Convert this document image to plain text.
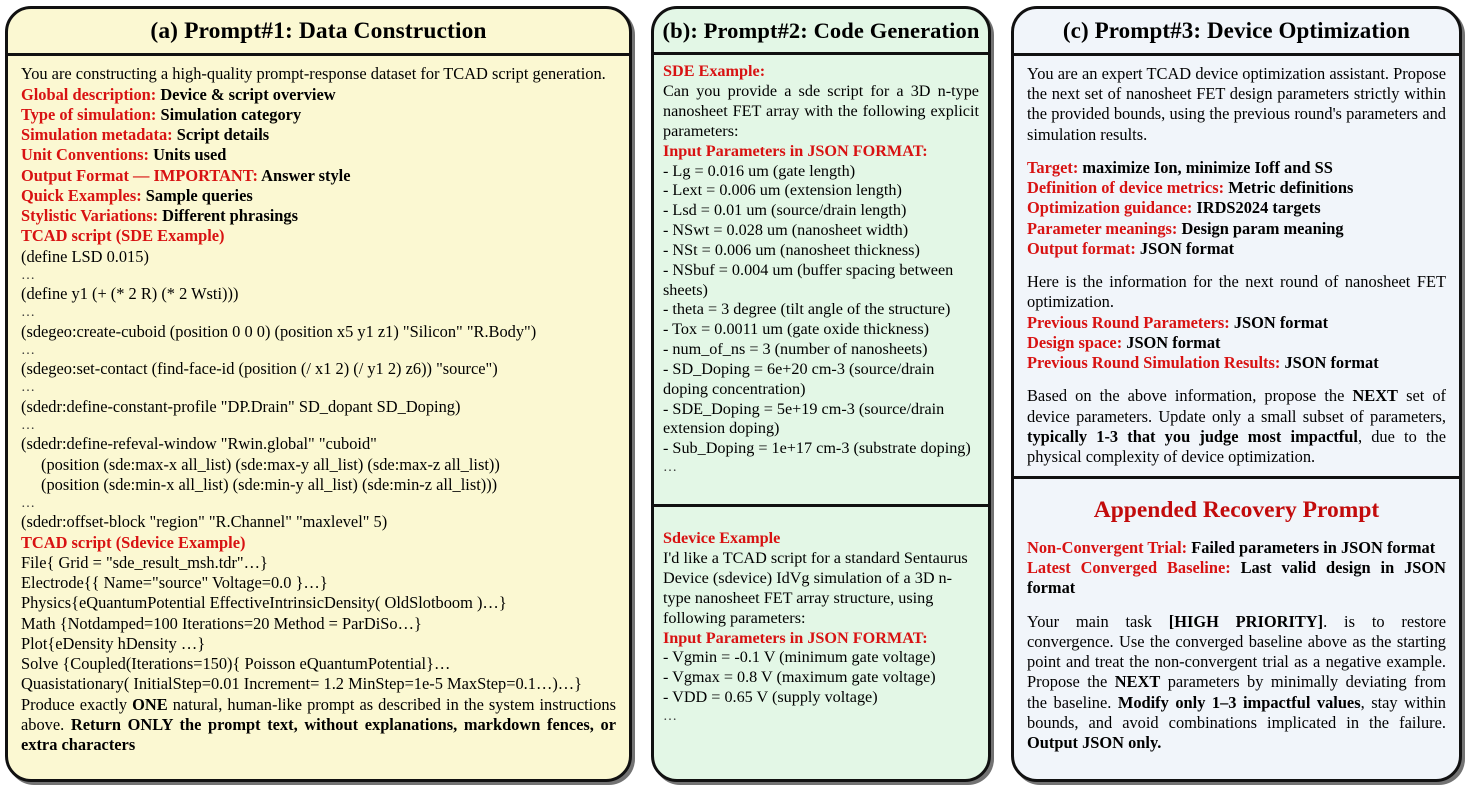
(a) Prompt#1: Data Construction

You are constructing a high-quality prompt-response dataset for TCAD script generation.

Global description: Device & script overview

Type of simulation: Simulation category

Simulation metadata: Script details

Unit Conventions: Units used

Output Format — IMPORTANT: Answer style

Quick Examples: Sample queries

Stylistic Variations: Different phrasings

TCAD script (SDE Example)

(define LSD 0.015)

…

(define y1 (+ (* 2 R) (* 2 Wsti)))

…

(sdegeo:create-cuboid (position 0 0 0) (position x5 y1 z1) "Silicon" "R.Body")

…

(sdegeo:set-contact (find-face-id (position (/ x1 2) (/ y1 2) z6)) "source")

…

(sdedr:define-constant-profile "DP.Drain" SD_dopant SD_Doping)

…

(sdedr:define-refeval-window "Rwin.global" "cuboid"

(position (sde:max-x all_list) (sde:max-y all_list) (sde:max-z all_list))

(position (sde:min-x all_list) (sde:min-y all_list) (sde:min-z all_list)))

…

(sdedr:offset-block "region" "R.Channel" "maxlevel" 5)

TCAD script (Sdevice Example)

File{ Grid = "sde_result_msh.tdr"…}

Electrode{{ Name="source" Voltage=0.0 }…}

Physics{eQuantumPotential EffectiveIntrinsicDensity( OldSlotboom )…}

Math {Notdamped=100 Iterations=20 Method = ParDiSo…}

Plot{eDensity hDensity …}

Solve {Coupled(Iterations=150){ Poisson eQuantumPotential}…

Quasistationary( InitialStep=0.01 Increment= 1.2 MinStep=1e-5 MaxStep=0.1…)…}

Produce exactly ONE natural, human-like prompt as described in the system instructions above. Return ONLY the prompt text, without explanations, markdown fences, or extra characters

(b): Prompt#2: Code Generation

SDE Example:

Can you provide a sde script for a 3D n-type nanosheet FET array with the following explicit parameters:

Input Parameters in JSON FORMAT:

- Lg = 0.016 um (gate length)

- Lext = 0.006 um (extension length)

- Lsd = 0.01 um (source/drain length)

- NSwt = 0.028 um (nanosheet width)

- NSt = 0.006 um (nanosheet thickness)

- NSbuf = 0.004 um (buffer spacing between sheets)

- theta = 3 degree (tilt angle of the structure)

- Tox = 0.0011 um (gate oxide thickness)

- num_of_ns = 3 (number of nanosheets)

- SD_Doping = 6e+20 cm-3 (source/drain doping concentration)

- SDE_Doping = 5e+19 cm-3 (source/drain extension doping)

- Sub_Doping = 1e+17 cm-3 (substrate doping)

…

Sdevice Example

I'd like a TCAD script for a standard Sentaurus Device (sdevice) IdVg simulation of a 3D n-type nanosheet FET array structure, using following parameters:

Input Parameters in JSON FORMAT:

- Vgmin = -0.1 V (minimum gate voltage)

- Vgmax = 0.8 V (maximum gate voltage)

- VDD = 0.65 V (supply voltage)

…

(c) Prompt#3: Device Optimization

You are an expert TCAD device optimization assistant. Propose the next set of nanosheet FET design parameters strictly within the provided bounds, using the previous round's parameters and simulation results.

Target: maximize Ion, minimize Ioff and SS

Definition of device metrics: Metric definitions

Optimization guidance: IRDS2024 targets

Parameter meanings: Design param meaning

Output format: JSON format

Here is the information for the next round of nanosheet FET optimization.

Previous Round Parameters: JSON format

Design space: JSON format

Previous Round Simulation Results: JSON format

Based on the above information, propose the NEXT set of device parameters. Update only a small subset of parameters, typically 1-3 that you judge most impactful, due to the physical complexity of device optimization.

Appended Recovery Prompt

Non-Convergent Trial: Failed parameters in JSON format

Latest Converged Baseline: Last valid design in JSON format

Your main task [HIGH PRIORITY]. is to restore convergence. Use the converged baseline above as the starting point and treat the non-convergent trial as a negative example. Propose the NEXT parameters by minimally deviating from the baseline. Modify only 1–3 impactful values, stay within bounds, and avoid combinations implicated in the failure. Output JSON only.
